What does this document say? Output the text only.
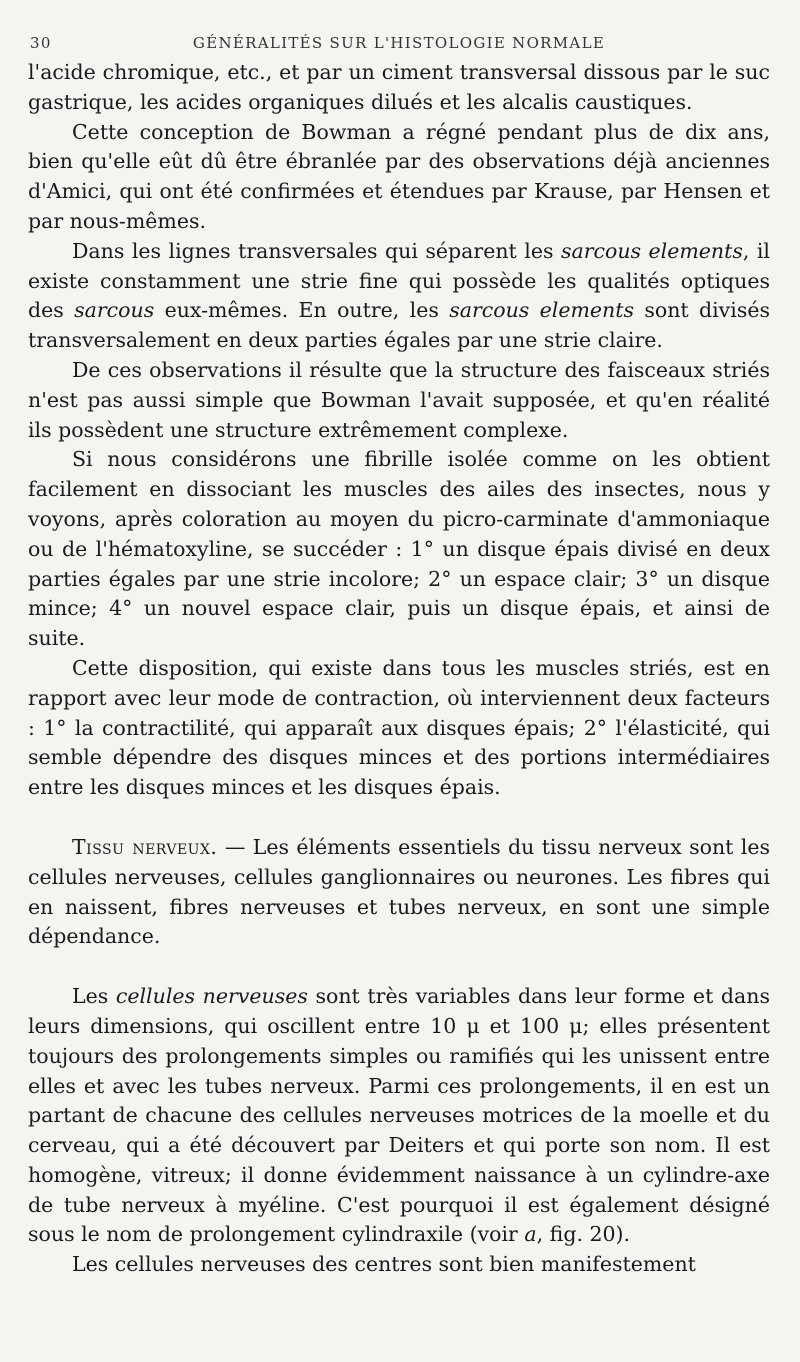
30	GÉNÉRALITÉS SUR L'HISTOLOGIE NORMALE

l'acide chromique, etc., et par un ciment transversal dissous par le suc gastrique, les acides organiques dilués et les alcalis caustiques.

Cette conception de Bowman a régné pendant plus de dix ans, bien qu'elle eût dû être ébranlée par des observations déjà anciennes d'Amici, qui ont été confirmées et étendues par Krause, par Hensen et par nous-mêmes.

Dans les lignes transversales qui séparent les sarcous elements, il existe constamment une strie fine qui possède les qualités optiques des sarcous eux-mêmes. En outre, les sarcous elements sont divisés transversalement en deux parties égales par une strie claire.

De ces observations il résulte que la structure des faisceaux striés n'est pas aussi simple que Bowman l'avait supposée, et qu'en réalité ils possèdent une structure extrêmement complexe.

Si nous considérons une fibrille isolée comme on les obtient facilement en dissociant les muscles des ailes des insectes, nous y voyons, après coloration au moyen du picro-carminate d'ammoniaque ou de l'hématoxyline, se succéder : 1° un disque épais divisé en deux parties égales par une strie incolore; 2° un espace clair; 3° un disque mince; 4° un nouvel espace clair, puis un disque épais, et ainsi de suite.

Cette disposition, qui existe dans tous les muscles striés, est en rapport avec leur mode de contraction, où interviennent deux facteurs : 1° la contractilité, qui apparaît aux disques épais; 2° l'élasticité, qui semble dépendre des disques minces et des portions intermédiaires entre les disques minces et les disques épais.

Tissu nerveux. — Les éléments essentiels du tissu nerveux sont les cellules nerveuses, cellules ganglionnaires ou neurones. Les fibres qui en naissent, fibres nerveuses et tubes nerveux, en sont une simple dépendance.

Les cellules nerveuses sont très variables dans leur forme et dans leurs dimensions, qui oscillent entre 10 μ et 100 μ; elles présentent toujours des prolongements simples ou ramifiés qui les unissent entre elles et avec les tubes nerveux. Parmi ces prolongements, il en est un partant de chacune des cellules nerveuses motrices de la moelle et du cerveau, qui a été découvert par Deiters et qui porte son nom. Il est homogène, vitreux; il donne évidemment naissance à un cylindre-axe de tube nerveux à myéline. C'est pourquoi il est également désigné sous le nom de prolongement cylindraxile (voir a, fig. 20).

Les cellules nerveuses des centres sont bien manifestement
